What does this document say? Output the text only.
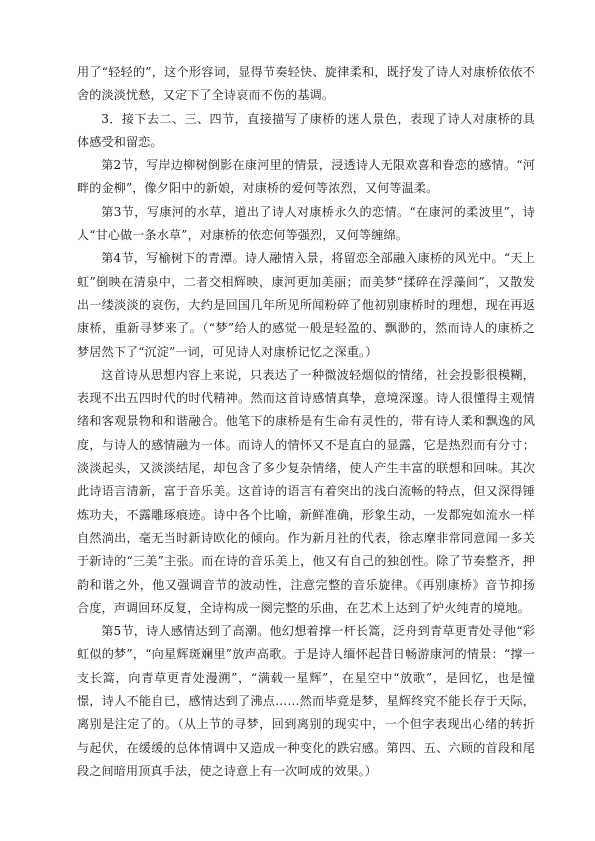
用了“轻轻的”，这个形容词，显得节奏轻快、旋律柔和，既抒发了诗人对康桥依依不舍的淡淡忧愁，又定下了全诗哀而不伤的基调。

3．接下去二、三、四节，直接描写了康桥的迷人景色，表现了诗人对康桥的具体感受和留恋。

第2节，写岸边柳树倒影在康河里的情景，浸透诗人无限欢喜和眷恋的感情。“河畔的金柳”，像夕阳中的新娘，对康桥的爱何等浓烈，又何等温柔。

第3节，写康河的水草，道出了诗人对康桥永久的恋情。“在康河的柔波里”，诗人“甘心做一条水草”，对康桥的依恋何等强烈，又何等缠绵。

第4节，写榆树下的青潭。诗人融情入景，将留恋全部融入康桥的风光中。“天上虹”倒映在清泉中，二者交相辉映，康河更加美丽；而美梦“揉碎在浮藻间”，又散发出一缕淡淡的哀伤，大约是回国几年所见所闻粉碎了他初别康桥时的理想，现在再返康桥，重新寻梦来了。（“梦”给人的感觉一般是轻盈的、飘渺的，然而诗人的康桥之梦居然下了“沉淀”一词，可见诗人对康桥记忆之深重。）

这首诗从思想内容上来说，只表达了一种微波轻烟似的情绪，社会投影很模糊，表现不出五四时代的时代精神。然而这首诗感情真挚，意境深邃。诗人很懂得主观情绪和客观景物和和谐融合。他笔下的康桥是有生命有灵性的，带有诗人柔和飘逸的风度，与诗人的感情融为一体。而诗人的情怀又不是直白的显露，它是热烈而有分寸；淡淡起头，又淡淡结尾，却包含了多少复杂情绪，使人产生丰富的联想和回味。其次此诗语言清新，富于音乐美。这首诗的语言有着突出的浅白流畅的特点，但又深得锤炼功夫，不露雕琢痕迹。诗中各个比喻，新鲜准确，形象生动，一发都宛如流水一样自然淌出，毫无当时新诗欧化的倾向。作为新月社的代表，徐志摩非常同意闻一多关于新诗的“三美”主张。而在诗的音乐美上，他又有自己的独创性。除了节奏整齐，押韵和谐之外，他又强调音节的波动性，注意完整的音乐旋律。《再别康桥》音节抑扬合度，声调回环反复，全诗构成一阕完整的乐曲，在艺术上达到了炉火纯青的境地。

第5节，诗人感情达到了高潮。他幻想着撑一杆长篙，泛舟到青草更青处寻他“彩虹似的梦”，“向星辉斑斓里”放声高歌。于是诗人缅怀起昔日畅游康河的情景：“撑一支长篙，向青草更青处漫溯”，“满载一星辉”，在星空中“放歌”，是回忆，也是憧憬，诗人不能自已，感情达到了沸点……然而毕竟是梦，星辉终究不能长存于天际，离别是注定了的。（从上节的寻梦，回到离别的现实中，一个但字表现出心绪的转折与起伏，在缓缓的总体情调中又造成一种变化的跌宕感。第四、五、六顾的首段和尾段之间暗用顶真手法，使之诗意上有一次呵成的效果。）
